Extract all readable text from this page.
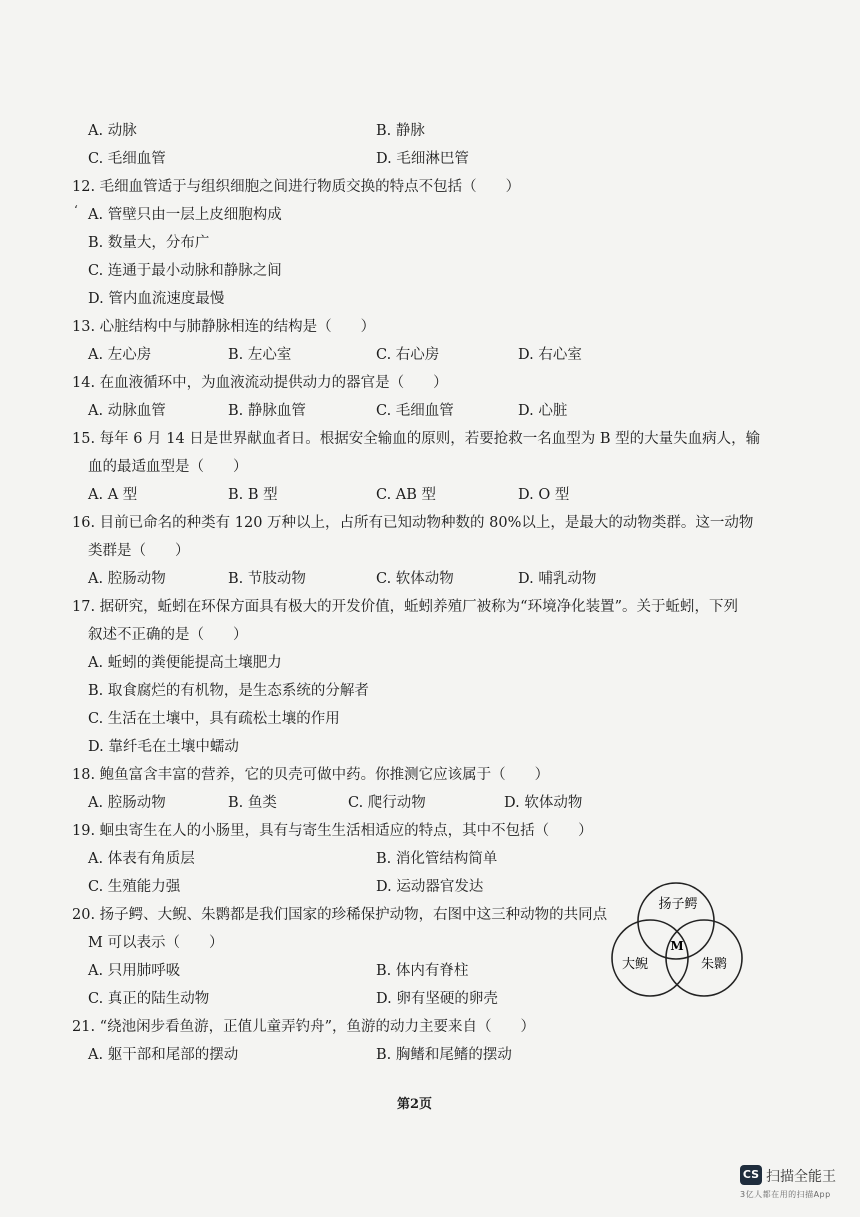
A. 动脉	B. 静脉
C. 毛细血管	D. 毛细淋巴管
12. 毛细血管适于与组织细胞之间进行物质交换的特点不包括（　　）
‘ A. 管壁只由一层上皮细胞构成
B. 数量大，分布广
C. 连通于最小动脉和静脉之间
D. 管内血流速度最慢
13. 心脏结构中与肺静脉相连的结构是（　　）
A. 左心房	B. 左心室	C. 右心房	D. 右心室
14. 在血液循环中，为血液流动提供动力的器官是（　　）
A. 动脉血管	B. 静脉血管	C. 毛细血管	D. 心脏
15. 每年 6 月 14 日是世界献血者日。根据安全输血的原则，若要抢救一名血型为 B 型的大量失血病人，输
血的最适血型是（　　）
A. A 型	B. B 型	C. AB 型	D. O 型
16. 目前已命名的种类有 120 万种以上，占所有已知动物种数的 80%以上，是最大的动物类群。这一动物
类群是（　　）
A. 腔肠动物	B. 节肢动物	C. 软体动物	D. 哺乳动物
17. 据研究，蚯蚓在环保方面具有极大的开发价值，蚯蚓养殖厂被称为“环境净化装置”。关于蚯蚓，下列
叙述不正确的是（　　）
A. 蚯蚓的粪便能提高土壤肥力
B. 取食腐烂的有机物，是生态系统的分解者
C. 生活在土壤中，具有疏松土壤的作用
D. 靠纤毛在土壤中蠕动
18. 鲍鱼富含丰富的营养，它的贝壳可做中药。你推测它应该属于（　　）
A. 腔肠动物	B. 鱼类	C. 爬行动物	D. 软体动物
19. 蛔虫寄生在人的小肠里，具有与寄生生活相适应的特点，其中不包括（　　）
A. 体表有角质层	B. 消化管结构简单
C. 生殖能力强	D. 运动器官发达
20. 扬子鳄、大鲵、朱鹮都是我们国家的珍稀保护动物，右图中这三种动物的共同点
M 可以表示（　　）
A. 只用肺呼吸	B. 体内有脊柱
C. 真正的陆生动物	D. 卵有坚硬的卵壳
扬子鳄
大鲵	朱鹮
M
21. “绕池闲步看鱼游，正值儿童弄钓舟”，鱼游的动力主要来自（　　）
A. 躯干部和尾部的摆动	B. 胸鳍和尾鳍的摆动
第2页
CS 扫描全能王
3亿人都在用的扫描App
